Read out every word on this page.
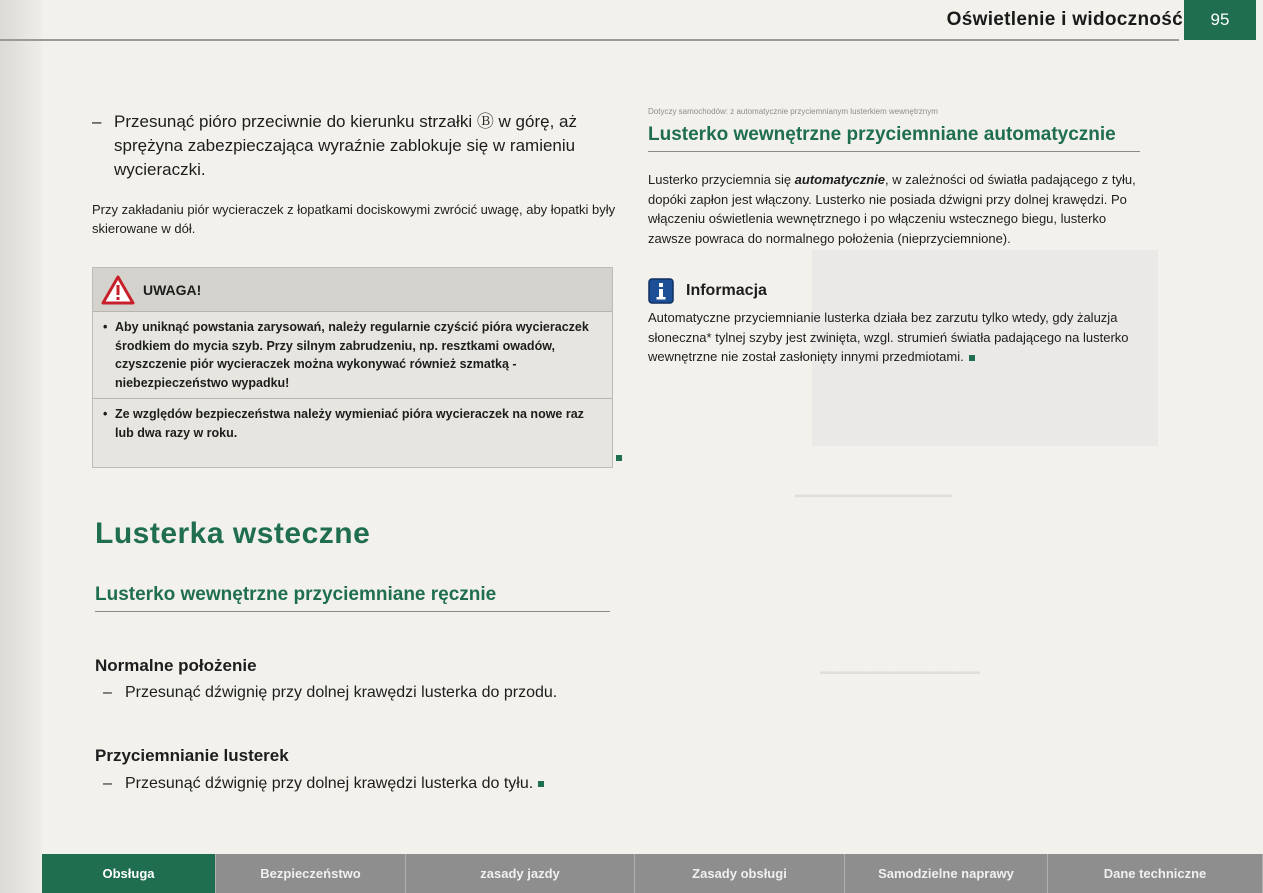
▁▁▁▁▁▁▁▁▁▁▁▁
▁▁▁▁▁▁▁▁▁▁▁▁▁
Oświetlenie i widoczność	95
– Przesunąć pióro przeciwnie do kierunku strzałki Ⓑ w górę, aż sprężyna zabezpieczająca wyraźnie zablokuje się w ramieniu wycieraczki.

Przy zakładaniu piór wycieraczek z łopatkami dociskowymi zwrócić uwagę, aby łopatki były skierowane w dół.

UWAGA!

• Aby uniknąć powstania zarysowań, należy regularnie czyścić pióra wycieraczek środkiem do mycia szyb. Przy silnym zabrudzeniu, np. resztkami owadów, czyszczenie piór wycieraczek można wykonywać również szmatką - niebezpieczeństwo wypadku!

• Ze względów bezpieczeństwa należy wymieniać pióra wycieraczek na nowe raz lub dwa razy w roku.

Lusterka wsteczne
Lusterko wewnętrzne przyciemniane ręcznie
Normalne położenie
– Przesunąć dźwignię przy dolnej krawędzi lusterka do przodu.
Przyciemnianie lusterek
– Przesunąć dźwignię przy dolnej krawędzi lusterka do tyłu.

Dotyczy samochodów: z automatycznie przyciemnianym lusterkiem wewnętrznym

Lusterko wewnętrzne przyciemniane automatycznie

Lusterko przyciemnia się automatycznie, w zależności od światła padającego z tyłu, dopóki zapłon jest włączony. Lusterko nie posiada dźwigni przy dolnej krawędzi. Po włączeniu oświetlenia wewnętrznego i po włączeniu wstecznego biegu, lusterko zawsze powraca do normalnego położenia (nieprzyciemnione).

Informacja

Automatyczne przyciemnianie lusterka działa bez zarzutu tylko wtedy, gdy żaluzja słoneczna* tylnej szyby jest zwinięta, wzgl. strumień światła padającego na lusterko wewnętrzne nie został zasłonięty innymi przedmiotami.

Obsługa	Bezpieczeństwo	zasady jazdy	Zasady obsługi	Samodzielne naprawy	Dane techniczne
